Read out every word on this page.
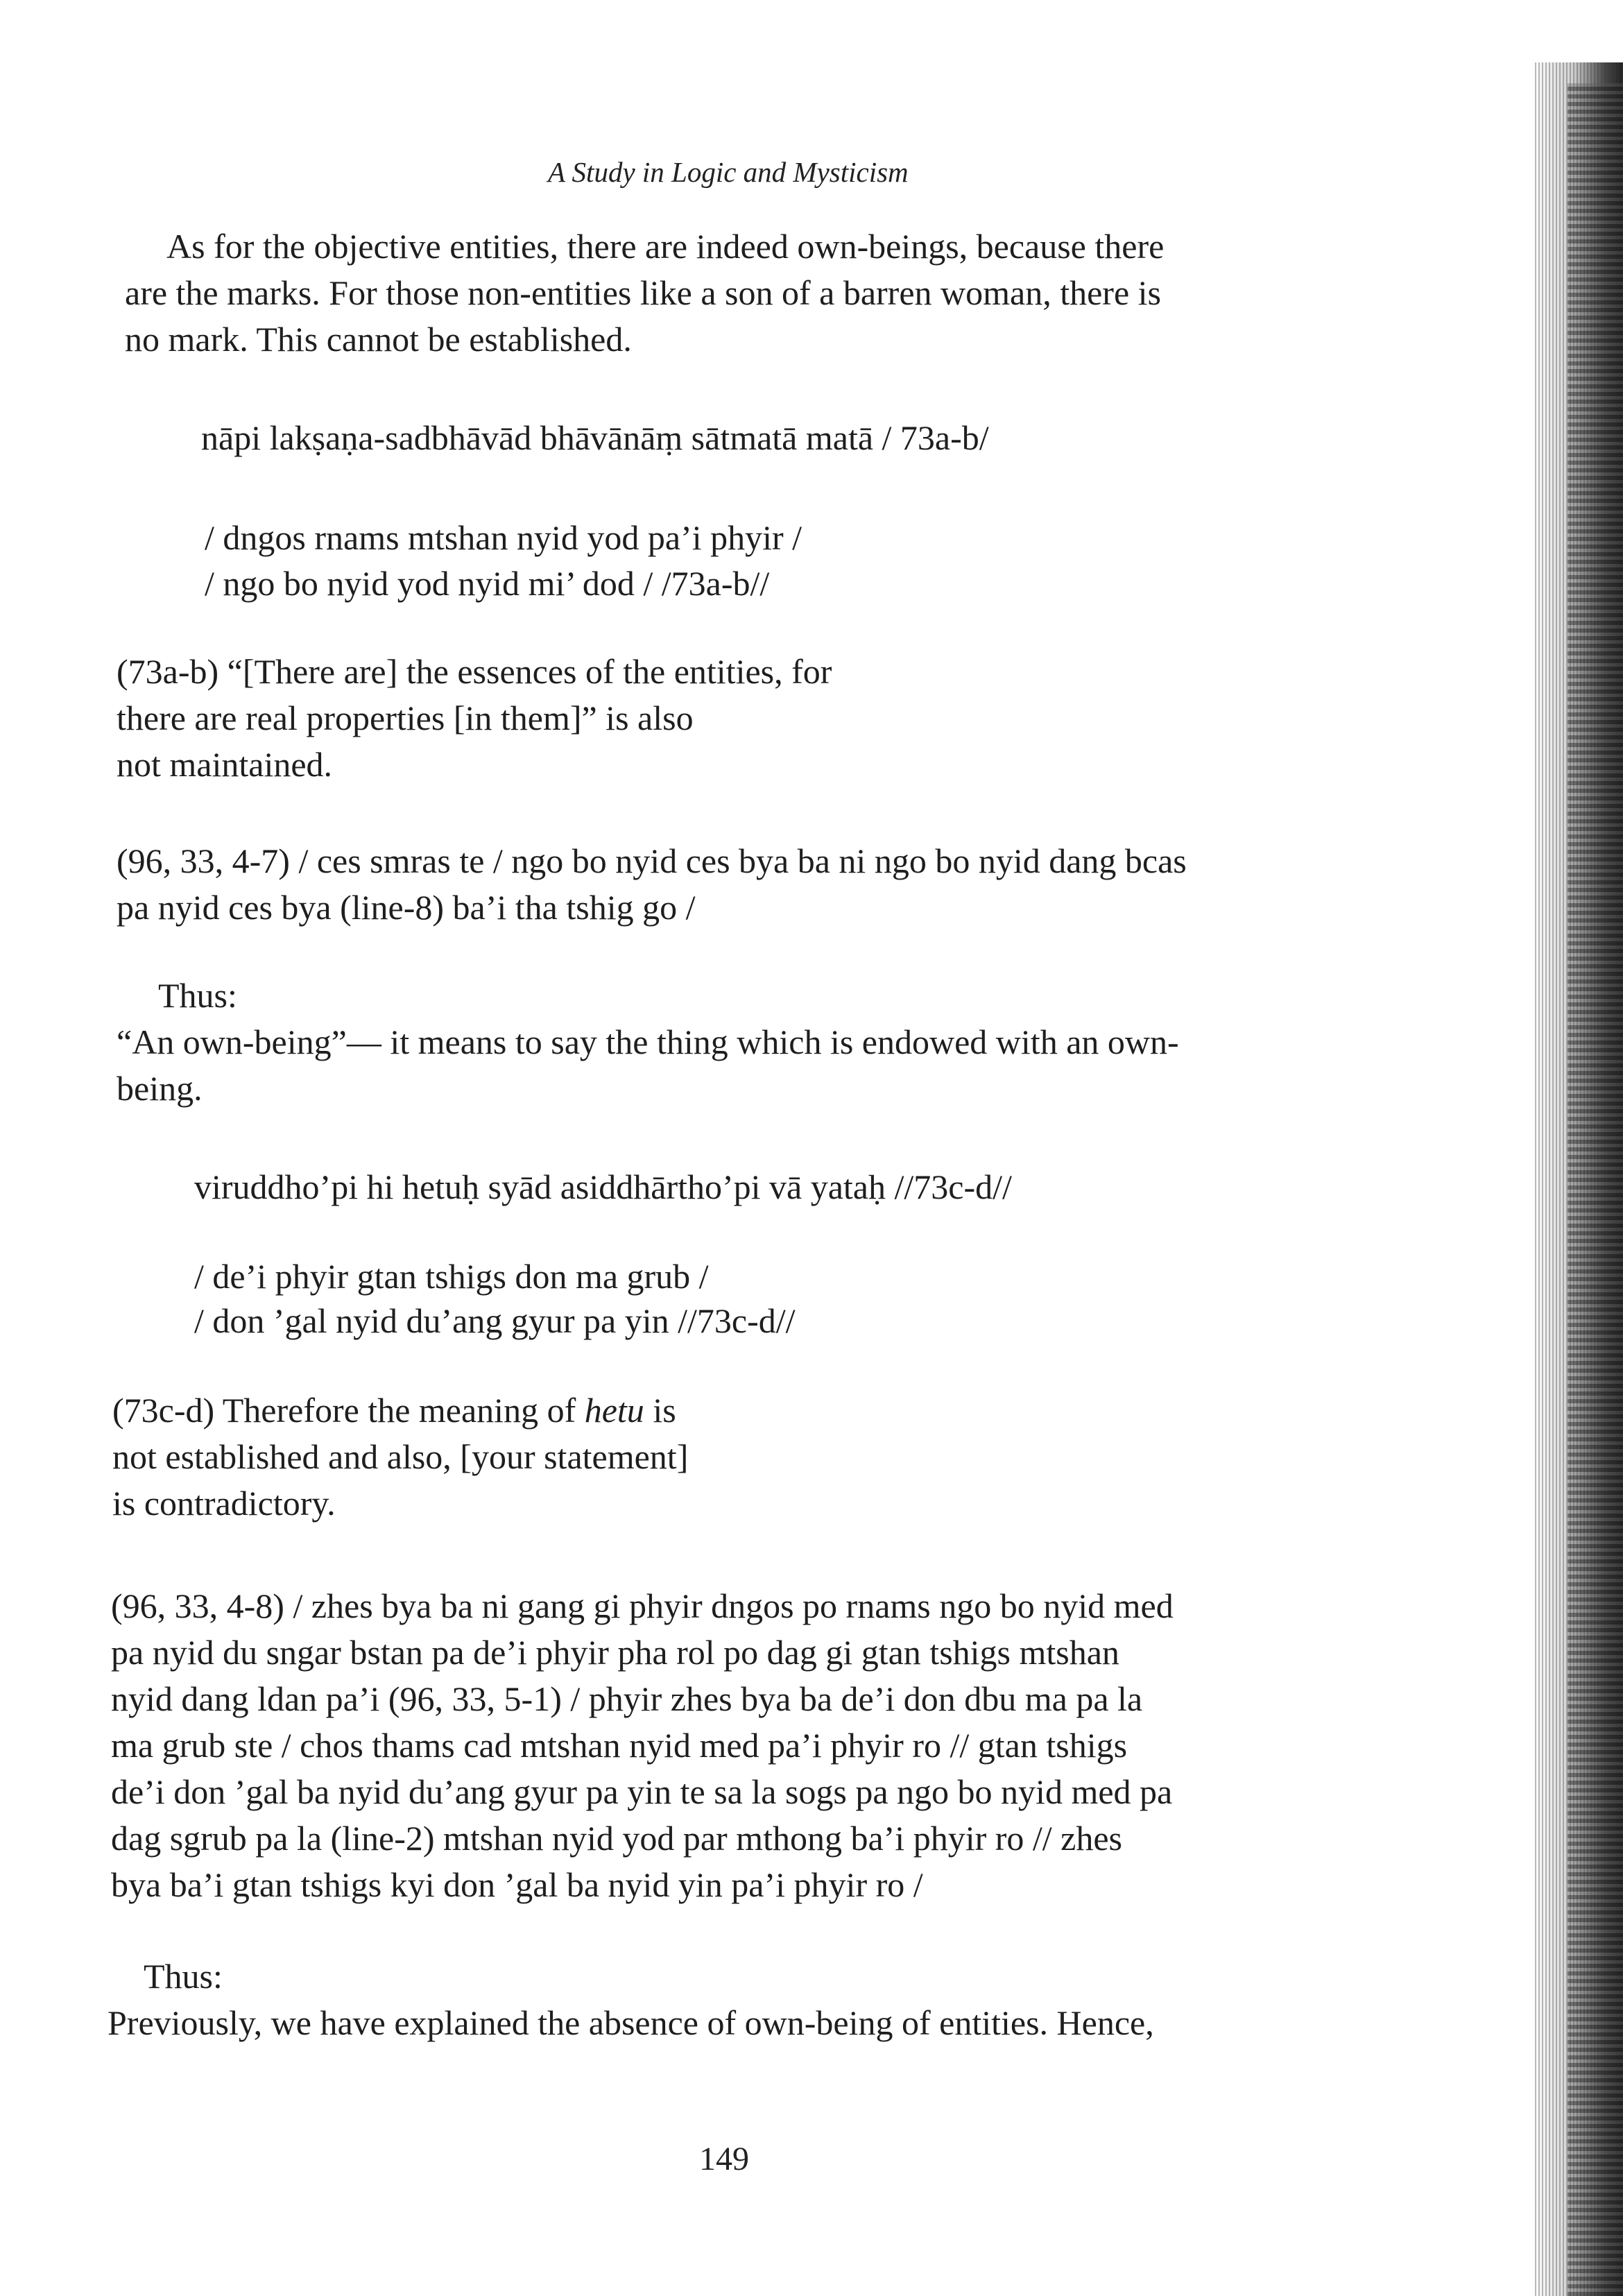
A Study in Logic and Mysticism
As for the objective entities, there are indeed own-beings, because there
are the marks. For those non-entities like a son of a barren woman, there is
no mark. This cannot be established.
nāpi lakṣaṇa-sadbhāvād bhāvānāṃ sātmatā matā / 73a-b/
/ dngos rnams mtshan nyid yod pa’i phyir /
/ ngo bo nyid yod nyid mi’ dod / /73a-b//
(73a-b) “[There are] the essences of the entities, for
there are real properties [in them]” is also
not maintained.
(96, 33, 4-7) / ces smras te / ngo bo nyid ces bya ba ni ngo bo nyid dang bcas
pa nyid ces bya (line-8) ba’i tha tshig go /
Thus:
“An own-being”— it means to say the thing which is endowed with an own-
being.
viruddho’pi hi hetuḥ syād asiddhārtho’pi vā yataḥ //73c-d//
/ de’i phyir gtan tshigs don ma grub /
/ don ’gal nyid du’ang gyur pa yin //73c-d//
(73c-d) Therefore the meaning of hetu is
not established and also, [your statement]
is contradictory.
(96, 33, 4-8) / zhes bya ba ni gang gi phyir dngos po rnams ngo bo nyid med
pa nyid du sngar bstan pa de’i phyir pha rol po dag gi gtan tshigs mtshan
nyid dang ldan pa’i (96, 33, 5-1) / phyir zhes bya ba de’i don dbu ma pa la
ma grub ste / chos thams cad mtshan nyid med pa’i phyir ro // gtan tshigs
de’i don ’gal ba nyid du’ang gyur pa yin te sa la sogs pa ngo bo nyid med pa
dag sgrub pa la (line-2) mtshan nyid yod par mthong ba’i phyir ro // zhes
bya ba’i gtan tshigs kyi don ’gal ba nyid yin pa’i phyir ro /
Thus:
Previously, we have explained the absence of own-being of entities. Hence,
149
